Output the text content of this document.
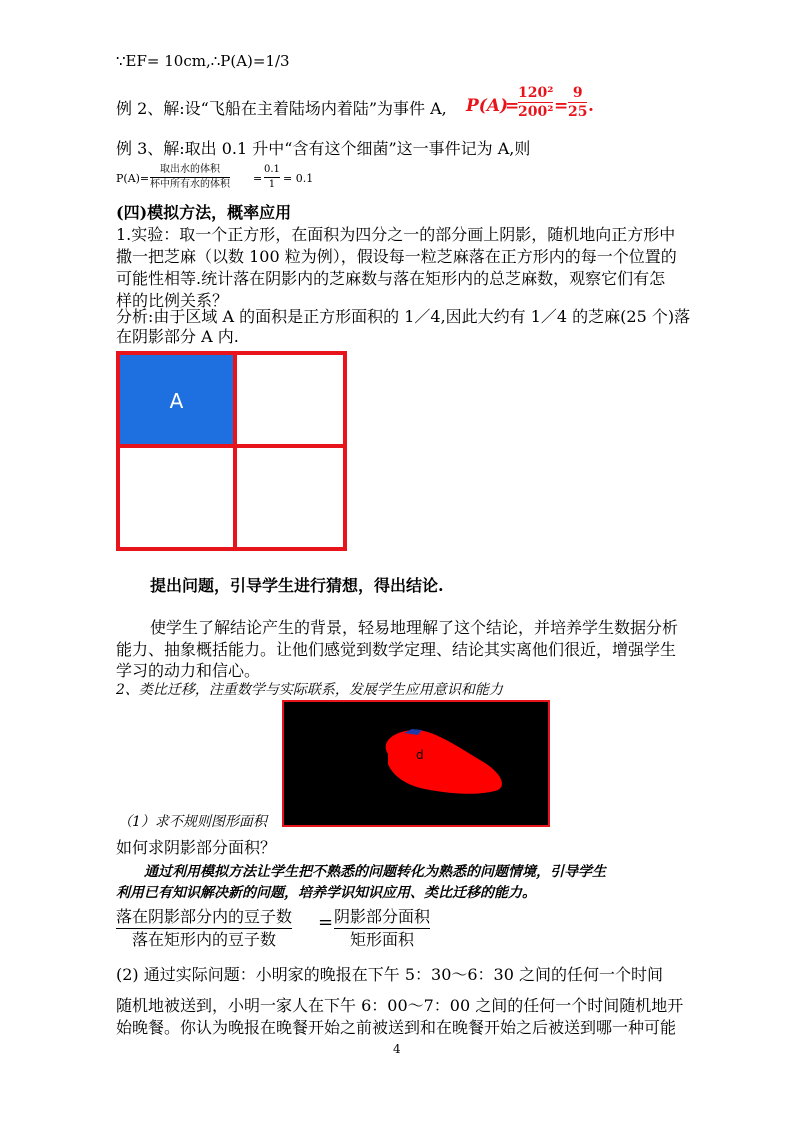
∵EF= 10cm,∴P(A)=1/3
例 2、解:设“飞船在主着陆场内着陆”为事件 A, P(A)
=
120²
200² =
9
25 .
例 3、解:取出 0.1 升中“含有这个细菌”这一事件记为 A,则
P(A)=
取出水的体积
杯中所有水的体积 =
0.1
1 = 0.1
(四)模拟方法，概率应用
1.实验：取一个正方形，在面积为四分之一的部分画上阴影，随机地向正方形中
撒一把芝麻（以数 100 粒为例），假设每一粒芝麻落在正方形内的每一个位置的
可能性相等.统计落在阴影内的芝麻数与落在矩形内的总芝麻数，观察它们有怎
样的比例关系？
分析:由于区域 A 的面积是正方形面积的 1／4,因此大约有 1／4 的芝麻(25 个)落
在阴影部分 A 内.
A
提出问题，引导学生进行猜想，得出结论.
使学生了解结论产生的背景，轻易地理解了这个结论，并培养学生数据分析
能力、抽象概括能力。让他们感觉到数学定理、结论其实离他们很近，增强学生
学习的动力和信心。
2、类比迁移，注重数学与实际联系，发展学生应用意识和能力
d
（1）求不规则图形面积
如何求阴影部分面积？
通过利用模拟方法让学生把不熟悉的问题转化为熟悉的问题情境，引导学生
利用已有知识解决新的问题，培养学识知识应用、类比迁移的能力。
落在阴影部分内的豆子数
落在矩形内的豆子数
= 阴影部分面积
矩形面积
(2) 通过实际问题：小明家的晚报在下午 5：30～6：30 之间的任何一个时间
随机地被送到，小明一家人在下午 6：00～7：00 之间的任何一个时间随机地开
始晚餐。你认为晚报在晚餐开始之前被送到和在晚餐开始之后被送到哪一种可能
4
